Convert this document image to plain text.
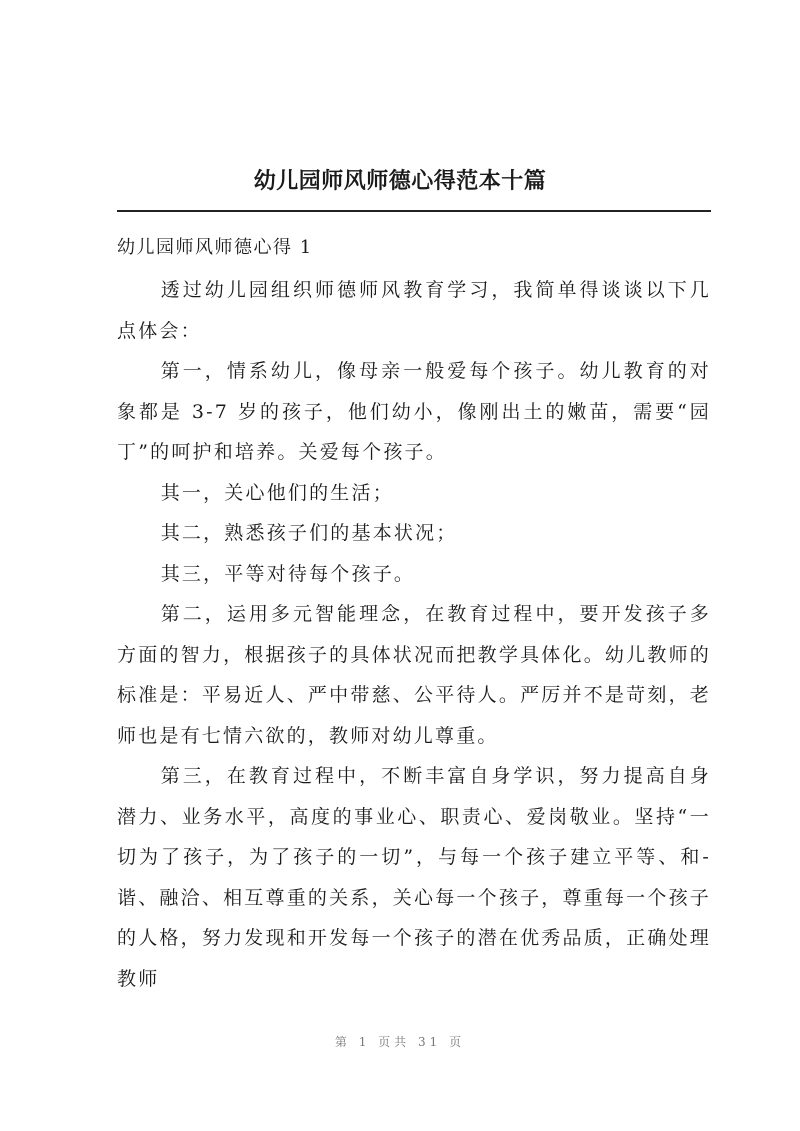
幼儿园师风师德心得范本十篇
幼儿园师风师德心得 1

透过幼儿园组织师德师风教育学习，我简单得谈谈以下几点体会：

第一，情系幼儿，像母亲一般爱每个孩子。幼儿教育的对象都是 3-7 岁的孩子，他们幼小，像刚出土的嫩苗，需要“园丁”的呵护和培养。关爱每个孩子。

其一，关心他们的生活；

其二，熟悉孩子们的基本状况；

其三，平等对待每个孩子。

第二，运用多元智能理念，在教育过程中，要开发孩子多方面的智力，根据孩子的具体状况而把教学具体化。幼儿教师的标准是：平易近人、严中带慈、公平待人。严厉并不是苛刻，老师也是有七情六欲的，教师对幼儿尊重。

第三，在教育过程中，不断丰富自身学识，努力提高自身潜力、业务水平，高度的事业心、职责心、爱岗敬业。坚持“一切为了孩子，为了孩子的一切”，与每一个孩子建立平等、和-谐、融洽、相互尊重的关系，关心每一个孩子，尊重每一个孩子的人格，努力发现和开发每一个孩子的潜在优秀品质，正确处理教师

第 1 页共 31 页
